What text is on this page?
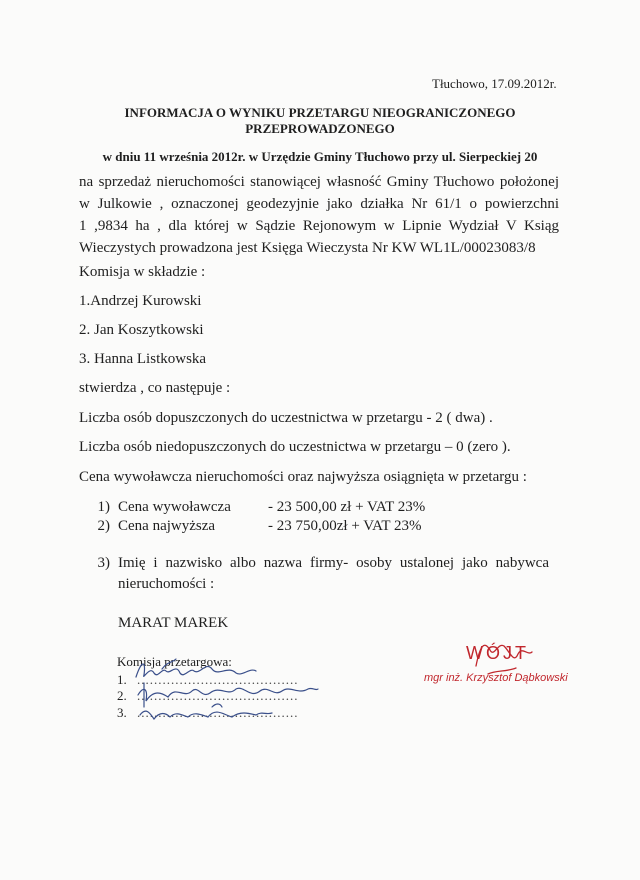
Tłuchowo, 17.09.2012r.
INFORMACJA O WYNIKU PRZETARGU NIEOGRANICZONEGO
PRZEPROWADZONEGO
w dniu 11 września 2012r. w Urzędzie Gminy Tłuchowo przy ul. Sierpeckiej 20
na sprzedaż nieruchomości stanowiącej własność Gminy Tłuchowo położonej
w Julkowie , oznaczonej geodezyjnie jako działka Nr 61/1 o powierzchni
1 ,9834 ha , dla której w Sądzie Rejonowym w Lipnie Wydział V Ksiąg
Wieczystych prowadzona jest Księga Wieczysta Nr KW WL1L/00023083/8
Komisja w składzie :
1.Andrzej Kurowski
2. Jan Koszytkowski
3. Hanna Listkowska
stwierdza , co następuje :
Liczba osób dopuszczonych do uczestnictwa w przetargu - 2 ( dwa) .
Liczba osób niedopuszczonych do uczestnictwa w przetargu – 0 (zero ).
Cena wywoławcza nieruchomości oraz najwyższa osiągnięta w przetargu :
1) Cena wywoławcza - 23 500,00 zł + VAT 23%
2) Cena najwyższa	- 23 750,00zł + VAT 23%
3) Imię i nazwisko albo nazwa firmy- osoby ustalonej jako nabywca
nieruchomości :
MARAT MAREK
Komisja przetargowa:
1. ......................................
2. ......................................
3. ......................................
WÓJT
mgr inż. Krzysztof Dąbkowski
